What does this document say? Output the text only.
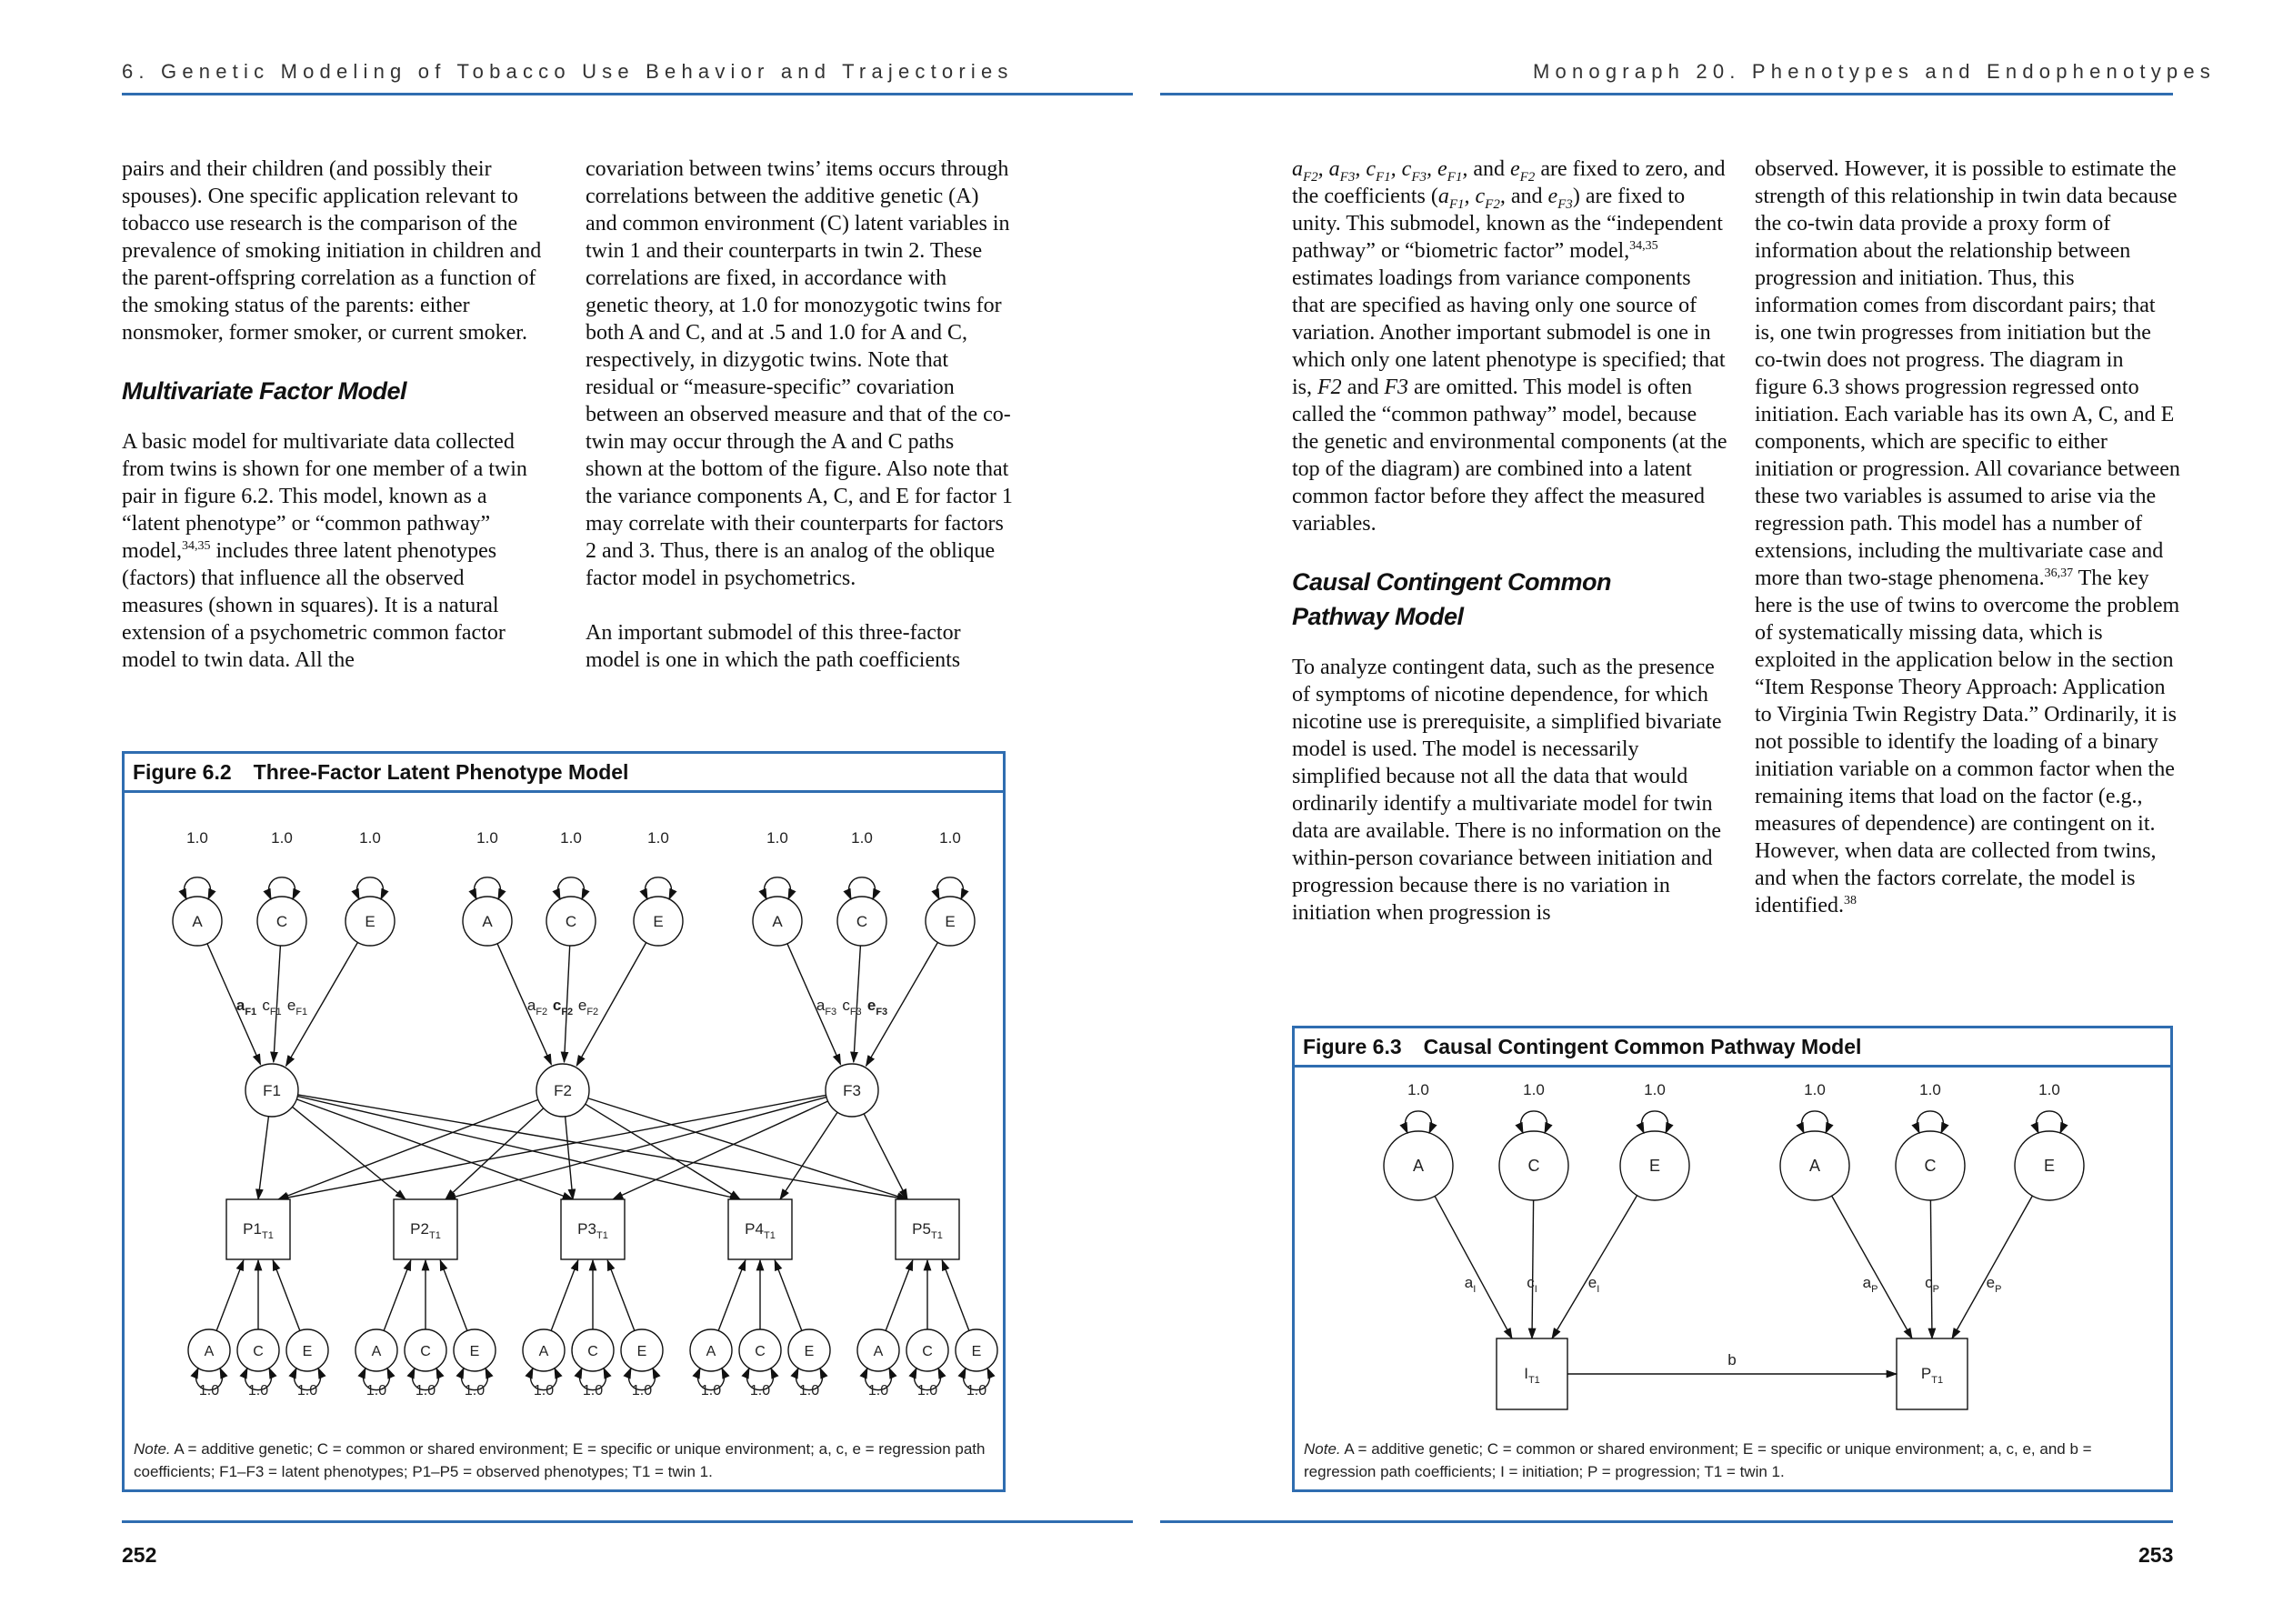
6. Genetic Modeling of Tobacco Use Behavior and Trajectories	Monograph 20. Phenotypes and Endophenotypes

pairs and their children (and possibly their spouses). One specific application relevant to tobacco use research is the comparison of the prevalence of smoking initiation in children and the parent-offspring correlation as a function of the smoking status of the parents: either nonsmoker, former smoker, or current smoker.

Multivariate Factor Model

A basic model for multivariate data collected from twins is shown for one member of a twin pair in figure 6.2. This model, known as a “latent phenotype” or “common pathway” model,$^{34,35}$ includes three latent phenotypes (factors) that influence all the observed measures (shown in squares). It is a natural extension of a psychometric common factor model to twin data. All the

covariation between twins’ items occurs through correlations between the additive genetic (A) and common environment (C) latent variables in twin 1 and their counterparts in twin 2. These correlations are fixed, in accordance with genetic theory, at 1.0 for monozygotic twins for both A and C, and at .5 and 1.0 for A and C, respectively, in dizygotic twins. Note that residual or “measure-specific” covariation between an observed measure and that of the co-twin may occur through the A and C paths shown at the bottom of the figure. Also note that the variance components A, C, and E for factor 1 may correlate with their counterparts for factors 2 and 3. Thus, there is an analog of the oblique factor model in psychometrics.

An important submodel of this three-factor model is one in which the path coefficients

Figure 6.2 Three-Factor Latent Phenotype Model
A
1.0
$a_{F1}$
C
1.0
$c_{F1}$
E
1.0
$e_{F1}$
A
1.0
$a_{F2}$
C
1.0
$c_{F2}$
E
1.0
$e_{F2}$
A
1.0
$a_{F3}$
C
1.0
$c_{F3}$
E
1.0
$e_{F3}$
F1	F2	F3
$P1_{T1}$
A
1.0
C
1.0
E
1.0
$P2_{T1}$
A
1.0
C
1.0
E
1.0
$P3_{T1}$
A
1.0
C
1.0
E
1.0
$P4_{T1}$
A
1.0
C
1.0
E
1.0
$P5_{T1}$
A
1.0
C
1.0
E
1.0
Note. A = additive genetic; C = common or shared environment; E = specific or unique environment; a, c, e = regression path coefficients; F1–F3 = latent phenotypes; P1–P5 = observed phenotypes; T1 = twin 1.
252

$a_{F2}$, $a_{F3}$, $c_{F1}$, $c_{F3}$, $e_{F1}$, and $e_{F2}$ are fixed to zero, and the coefficients ($a_{F1}$, $c_{F2}$, and $e_{F3}$) are fixed to unity. This submodel, known as the “independent pathway” or “biometric factor” model,$^{34,35}$ estimates loadings from variance components that are specified as having only one source of variation. Another important submodel is one in which only one latent phenotype is specified; that is, F2 and F3 are omitted. This model is often called the “common pathway” model, because the genetic and environmental components (at the top of the diagram) are combined into a latent common factor before they affect the measured variables.

Causal Contingent Common Pathway Model

To analyze contingent data, such as the presence of symptoms of nicotine dependence, for which nicotine use is prerequisite, a simplified bivariate model is used. The model is necessarily simplified because not all the data that would ordinarily identify a multivariate model for twin data are available. There is no information on the within-person covariance between initiation and progression because there is no variation in initiation when progression is

observed. However, it is possible to estimate the strength of this relationship in twin data because the co-twin data provide a proxy form of information about the relationship between progression and initiation. Thus, this information comes from discordant pairs; that is, one twin progresses from initiation but the co-twin does not progress. The diagram in figure 6.3 shows progression regressed onto initiation. Each variable has its own A, C, and E components, which are specific to either initiation or progression. All covariance between these two variables is assumed to arise via the regression path. This model has a number of extensions, including the multivariate case and more than two-stage phenomena.$^{36,37}$ The key here is the use of twins to overcome the problem of systematically missing data, which is exploited in the application below in the section “Item Response Theory Approach: Application to Virginia Twin Registry Data.” Ordinarily, it is not possible to identify the loading of a binary initiation variable on a common factor when the remaining items that load on the factor (e.g., measures of dependence) are contingent on it. However, when data are collected from twins, and when the factors correlate, the model is identified.$^{38}$

Figure 6.3 Causal Contingent Common Pathway Model
A
1.0
$a_I$
C
1.0
$c_I$
E
1.0
$e_I$
A
1.0
$a_P$
C
1.0
$c_P$
E
1.0
$e_P$
$I_{T1}$	$P_{T1}$
b
Note. A = additive genetic; C = common or shared environment; E = specific or unique environment; a, c, e, and b = regression path coefficients; I = initiation; P = progression; T1 = twin 1.
253
